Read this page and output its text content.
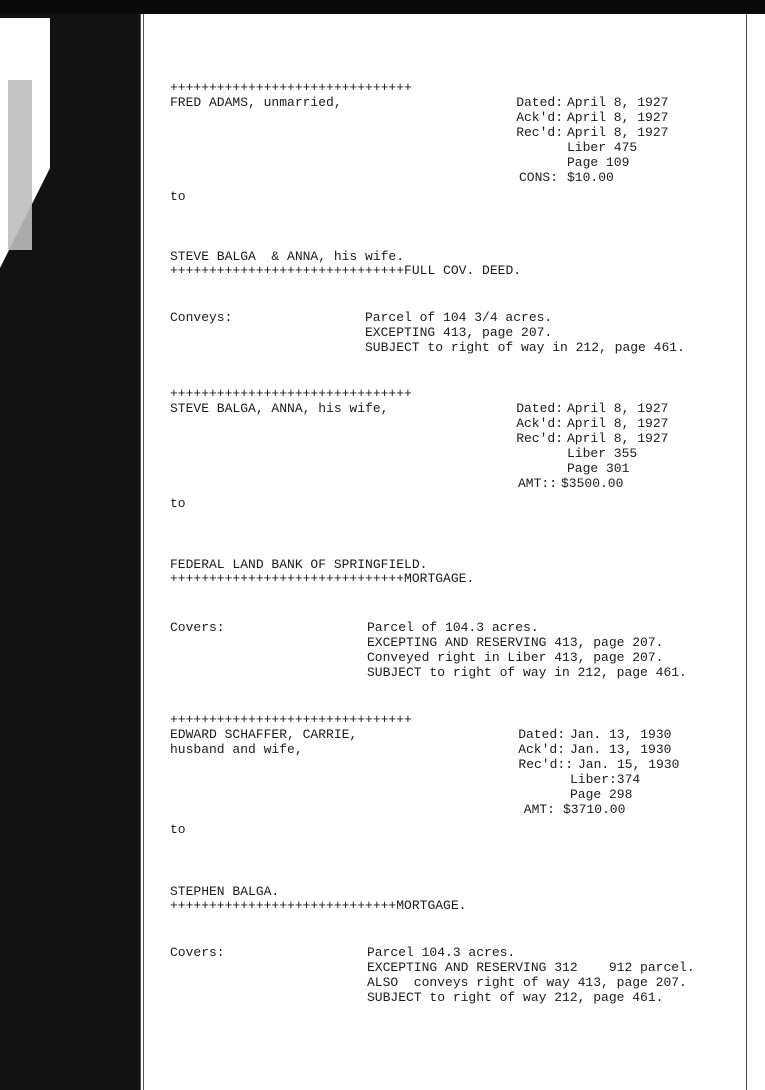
+++++++++++++++++++++++++++++++
FRED ADAMS, unmarried,	Dated: April 8, 1927
Ack'd: April 8, 1927
Rec'd: April 8, 1927
Liber 475
Page 109
CONS: $10.00
to
STEVE BALGA  & ANNA, his wife.
++++++++++++++++++++++++++++++FULL COV. DEED.
Conveys:	Parcel of 104 3/4 acres.
EXCEPTING 413, page 207.
SUBJECT to right of way in 212, page 461.
+++++++++++++++++++++++++++++++
STEVE BALGA, ANNA, his wife,	Dated: April 8, 1927
Ack'd: April 8, 1927
Rec'd: April 8, 1927
Liber 355
Page 301
AMT:: $3500.00
to
FEDERAL LAND BANK OF SPRINGFIELD.
++++++++++++++++++++++++++++++MORTGAGE.
Covers:	Parcel of 104.3 acres.
EXCEPTING AND RESERVING 413, page 207.
Conveyed right in Liber 413, page 207.
SUBJECT to right of way in 212, page 461.
+++++++++++++++++++++++++++++++
EDWARD SCHAFFER, CARRIE,
husband and wife,
Dated: Jan. 13, 1930
Ack'd: Jan. 13, 1930
Rec'd:: Jan. 15, 1930
Liber:374
Page 298
AMT: $3710.00
to
STEPHEN BALGA.
+++++++++++++++++++++++++++++MORTGAGE.
Covers:	Parcel 104.3 acres.
EXCEPTING AND RESERVING 312    912 parcel.
ALSO  conveys right of way 413, page 207.
SUBJECT to right of way 212, page 461.
